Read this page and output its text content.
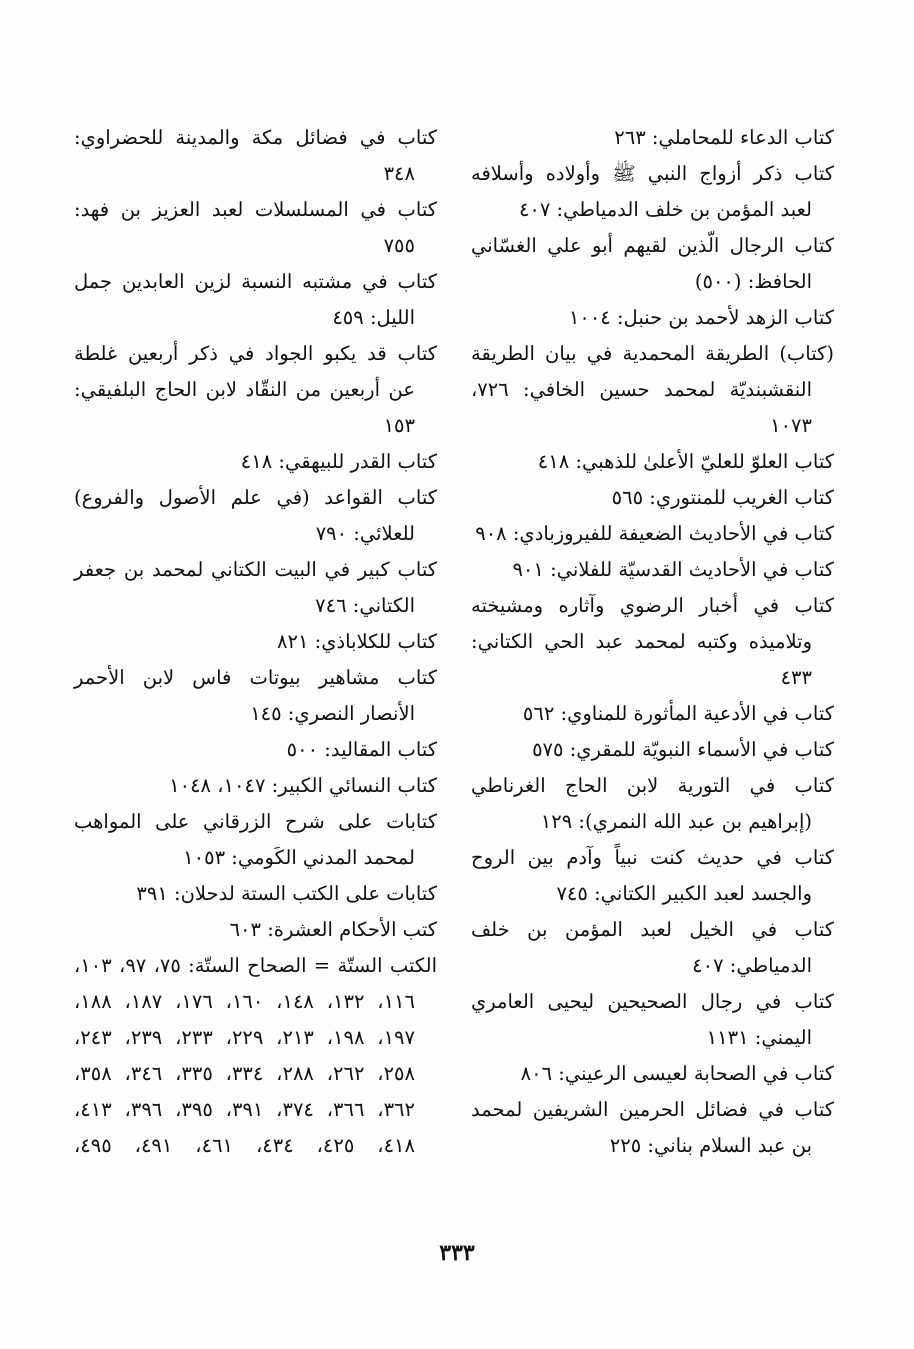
كتاب الدعاء للمحاملي: ٢٦٣

كتاب ذكر أزواج النبي ﷺ وأولاده وأسلافه لعبد المؤمن بن خلف الدمياطي: ٤٠٧

كتاب الرجال الّذين لقيهم أبو علي الغسّاني الحافظ: (٥٠٠)

كتاب الزهد لأحمد بن حنبل: ١٠٠٤

(كتاب) الطريقة المحمدية في بيان الطريقة النقشبنديّة لمحمد حسين الخافي: ٧٢٦، ١٠٧٣

كتاب العلوّ للعليّ الأعلىٰ للذهبي: ٤١٨

كتاب الغريب للمنتوري: ٥٦٥

كتاب في الأحاديث الضعيفة للفيروزبادي: ٩٠٨

كتاب في الأحاديث القدسيّة للفلاني: ٩٠١

كتاب في أخبار الرضوي وآثاره ومشيخته وتلاميذه وكتبه لمحمد عبد الحي الكتاني: ٤٣٣

كتاب في الأدعية المأثورة للمناوي: ٥٦٢

كتاب في الأسماء النبويّة للمقري: ٥٧٥

كتاب في التورية لابن الحاج الغرناطي (إبراهيم بن عبد الله النمري): ١٢٩

كتاب في حديث كنت نبياً وآدم بين الروح والجسد لعبد الكبير الكتاني: ٧٤٥

كتاب في الخيل لعبد المؤمن بن خلف الدمياطي: ٤٠٧

كتاب في رجال الصحيحين ليحيى العامري اليمني: ١١٣١

كتاب في الصحابة لعيسى الرعيني: ٨٠٦

كتاب في فضائل الحرمين الشريفين لمحمد بن عبد السلام بناني: ٢٢٥

كتاب في فضائل مكة والمدينة للحضراوي: ٣٤٨

كتاب في المسلسلات لعبد العزيز بن فهد: ٧٥٥

كتاب في مشتبه النسبة لزين العابدين جمل الليل: ٤٥٩

كتاب قد يكبو الجواد في ذكر أربعين غلطة عن أربعين من النقّاد لابن الحاج البلفيقي: ١٥٣

كتاب القدر للبيهقي: ٤١٨

كتاب القواعد (في علم الأصول والفروع) للعلائي: ٧٩٠

كتاب كبير في البيت الكتاني لمحمد بن جعفر الكتاني: ٧٤٦

كتاب للكلاباذي: ٨٢١

كتاب مشاهير بيوتات فاس لابن الأحمر الأنصار النصري: ١٤٥

كتاب المقاليد: ٥٠٠

كتاب النسائي الكبير: ١٠٤٧، ١٠٤٨

كتابات على شرح الزرقاني على المواهب لمحمد المدني الكَومي: ١٠٥٣

كتابات على الكتب الستة لدحلان: ٣٩١

كتب الأحكام العشرة: ٦٠٣

الكتب الستّة = الصحاح الستّة: ٧٥، ٩٧، ١٠٣، ١١٦، ١٣٢، ١٤٨، ١٦٠، ١٧٦، ١٨٧، ١٨٨، ١٩٧، ١٩٨، ٢١٣، ٢٢٩، ٢٣٣، ٢٣٩، ٢٤٣، ٢٥٨، ٢٦٢، ٢٨٨، ٣٣٤، ٣٣٥، ٣٤٦، ٣٥٨، ٣٦٢، ٣٦٦، ٣٧٤، ٣٩١، ٣٩٥، ٣٩٦، ٤١٣، ٤١٨، ٤٢٥، ٤٣٤، ٤٦١، ٤٩١، ٤٩٥،

٣٣٣
